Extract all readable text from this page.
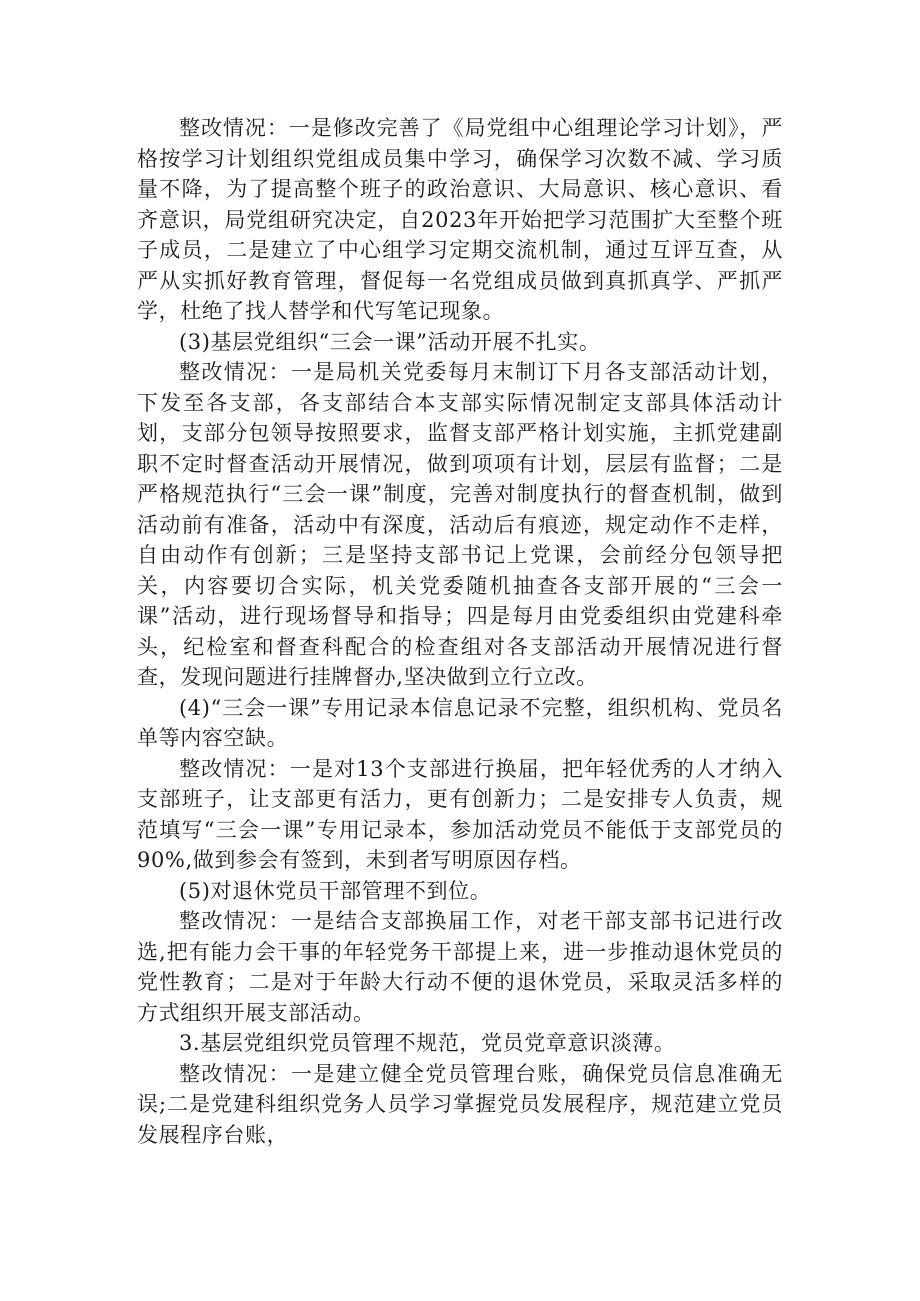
整改情况：一是修改完善了《局党组中心组理论学习计划》，严格按学习计划组织党组成员集中学习，确保学习次数不减、学习质量不降，为了提高整个班子的政治意识、大局意识、核心意识、看齐意识，局党组研究决定，自2023年开始把学习范围扩大至整个班子成员，二是建立了中心组学习定期交流机制，通过互评互查，从严从实抓好教育管理，督促每一名党组成员做到真抓真学、严抓严学，杜绝了找人替学和代写笔记现象。

(3)基层党组织“三会一课”活动开展不扎实。

整改情况：一是局机关党委每月末制订下月各支部活动计划，下发至各支部，各支部结合本支部实际情况制定支部具体活动计划，支部分包领导按照要求，监督支部严格计划实施，主抓党建副职不定时督查活动开展情况，做到项项有计划，层层有监督；二是严格规范执行“三会一课”制度，完善对制度执行的督查机制，做到活动前有准备，活动中有深度，活动后有痕迹，规定动作不走样，自由动作有创新；三是坚持支部书记上党课，会前经分包领导把关，内容要切合实际，机关党委随机抽查各支部开展的“三会一课”活动，进行现场督导和指导；四是每月由党委组织由党建科牵头，纪检室和督查科配合的检查组对各支部活动开展情况进行督查，发现问题进行挂牌督办,坚决做到立行立改。

(4)“三会一课”专用记录本信息记录不完整，组织机构、党员名单等内容空缺。

整改情况：一是对13个支部进行换届，把年轻优秀的人才纳入支部班子，让支部更有活力，更有创新力；二是安排专人负责，规范填写“三会一课”专用记录本，参加活动党员不能低于支部党员的90%,做到参会有签到，未到者写明原因存档。

(5)对退休党员干部管理不到位。

整改情况：一是结合支部换届工作，对老干部支部书记进行改选,把有能力会干事的年轻党务干部提上来，进一步推动退休党员的党性教育；二是对于年龄大行动不便的退休党员，采取灵活多样的方式组织开展支部活动。

3.基层党组织党员管理不规范，党员党章意识淡薄。

整改情况：一是建立健全党员管理台账，确保党员信息准确无误;二是党建科组织党务人员学习掌握党员发展程序，规范建立党员发展程序台账，
